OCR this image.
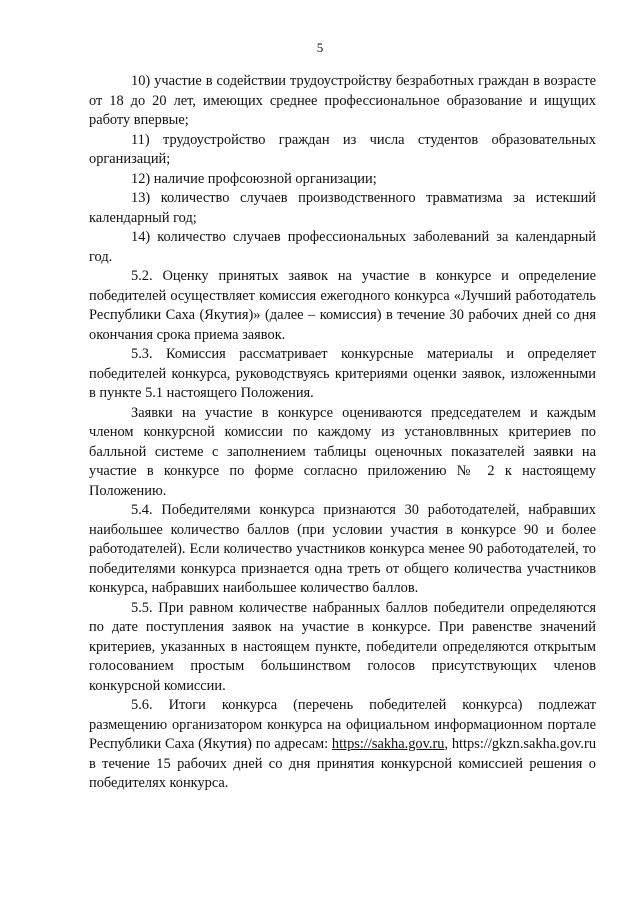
5

10) участие в содействии трудоустройству безработных граждан в возрасте от 18 до 20 лет, имеющих среднее профессиональное образование и ищущих работу впервые;

11) трудоустройство граждан из числа студентов образовательных организаций;

12) наличие профсоюзной организации;

13) количество случаев производственного травматизма за истекший календарный год;

14) количество случаев профессиональных заболеваний за календарный год.

5.2. Оценку принятых заявок на участие в конкурсе и определение победителей осуществляет комиссия ежегодного конкурса «Лучший работодатель Республики Саха (Якутия)» (далее – комиссия) в течение 30 рабочих дней со дня окончания срока приема заявок.

5.3. Комиссия рассматривает конкурсные материалы и определяет победителей конкурса, руководствуясь критериями оценки заявок, изложенными в пункте 5.1 настоящего Положения.

Заявки на участие в конкурсе оцениваются председателем и каждым членом конкурсной комиссии по каждому из установлвнных критериев по балльной системе с заполнением таблицы оценочных показателей заявки на участие в конкурсе по форме согласно приложению № 2 к настоящему Положению.

5.4. Победителями конкурса признаются 30 работодателей, набравших наибольшее количество баллов (при условии участия в конкурсе 90 и более работодателей). Если количество участников конкурса менее 90 работодателей, то победителями конкурса признается одна треть от общего количества участников конкурса, набравших наибольшее количество баллов.

5.5. При равном количестве набранных баллов победители определяются по дате поступления заявок на участие в конкурсе. При равенстве значений критериев, указанных в настоящем пункте, победители определяются открытым голосованием простым большинством голосов присутствующих членов конкурсной комиссии.

5.6. Итоги конкурса (перечень победителей конкурса) подлежат размещению организатором конкурса на официальном информационном портале Республики Саха (Якутия) по адресам: https://sakha.gov.ru, https://gkzn.sakha.gov.ru в течение 15 рабочих дней со дня принятия конкурсной комиссией решения о победителях конкурса.
